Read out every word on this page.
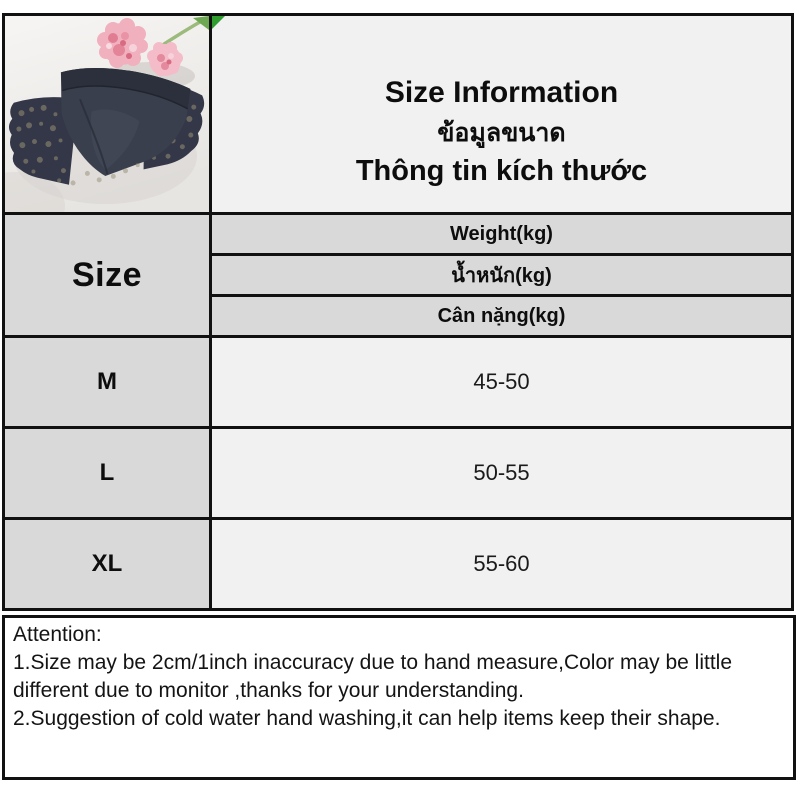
Size Information
ข้อมูลขนาด
Thông tin kích thước
Size
Weight(kg)
น้ำหนัก(kg)
Cân nặng(kg)
M	45-50
L	50-55
XL	55-60

Attention:

1.Size may be 2cm/1inch inaccuracy due to hand measure,Color may be little different due to monitor ,thanks for your understanding.

2.Suggestion of cold water hand washing,it can help items keep their shape.
